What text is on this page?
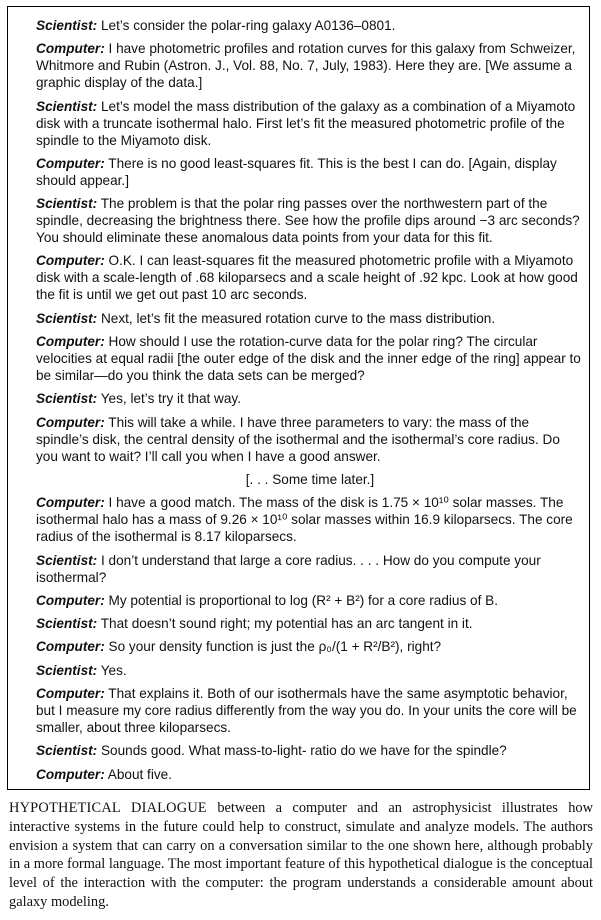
Scientist: Let’s consider the polar-ring galaxy A0136–0801.

Computer: I have photometric profiles and rotation curves for this galaxy from Schweizer, Whitmore and Rubin (Astron. J., Vol. 88, No. 7, July, 1983). Here they are. [We assume a graphic display of the data.]

Scientist: Let’s model the mass distribution of the galaxy as a combination of a Miyamoto disk with a truncate isothermal halo. First let’s fit the measured photometric profile of the spindle to the Miyamoto disk.

Computer: There is no good least-squares fit. This is the best I can do. [Again, display should appear.]

Scientist: The problem is that the polar ring passes over the northwestern part of the spindle, decreasing the brightness there. See how the profile dips around −3 arc seconds? You should eliminate these anomalous data points from your data for this fit.

Computer: O.K. I can least-squares fit the measured photometric profile with a Miyamoto disk with a scale-length of .68 kiloparsecs and a scale height of .92 kpc. Look at how good the fit is until we get out past 10 arc seconds.

Scientist: Next, let’s fit the measured rotation curve to the mass distribution.

Computer: How should I use the rotation-curve data for the polar ring? The circular velocities at equal radii [the outer edge of the disk and the inner edge of the ring] appear to be similar—do you think the data sets can be merged?

Scientist: Yes, let’s try it that way.

Computer: This will take a while. I have three parameters to vary: the mass of the spindle’s disk, the central density of the isothermal and the isothermal’s core radius. Do you want to wait? I’ll call you when I have a good answer.

[. . . Some time later.]

Computer: I have a good match. The mass of the disk is 1.75 × 10¹⁰ solar masses. The isothermal halo has a mass of 9.26 × 10¹⁰ solar masses within 16.9 kiloparsecs. The core radius of the isothermal is 8.17 kiloparsecs.

Scientist: I don’t understand that large a core radius. . . . How do you compute your isothermal?

Computer: My potential is proportional to log (R² + B²) for a core radius of B.

Scientist: That doesn’t sound right; my potential has an arc tangent in it.

Computer: So your density function is just the ρ₀/(1 + R²/B²), right?

Scientist: Yes.

Computer: That explains it. Both of our isothermals have the same asymptotic behavior, but I measure my core radius differently from the way you do. In your units the core will be smaller, about three kiloparsecs.

Scientist: Sounds good. What mass-to-light- ratio do we have for the spindle?

Computer: About five.

HYPOTHETICAL DIALOGUE between a computer and an astrophysicist illustrates how interactive systems in the future could help to construct, simulate and analyze models. The authors envision a system that can carry on a conversation similar to the one shown here, although probably in a more formal language. The most important feature of this hypothetical dialogue is the conceptual level of the interaction with the computer: the program understands a considerable amount about galaxy modeling.
